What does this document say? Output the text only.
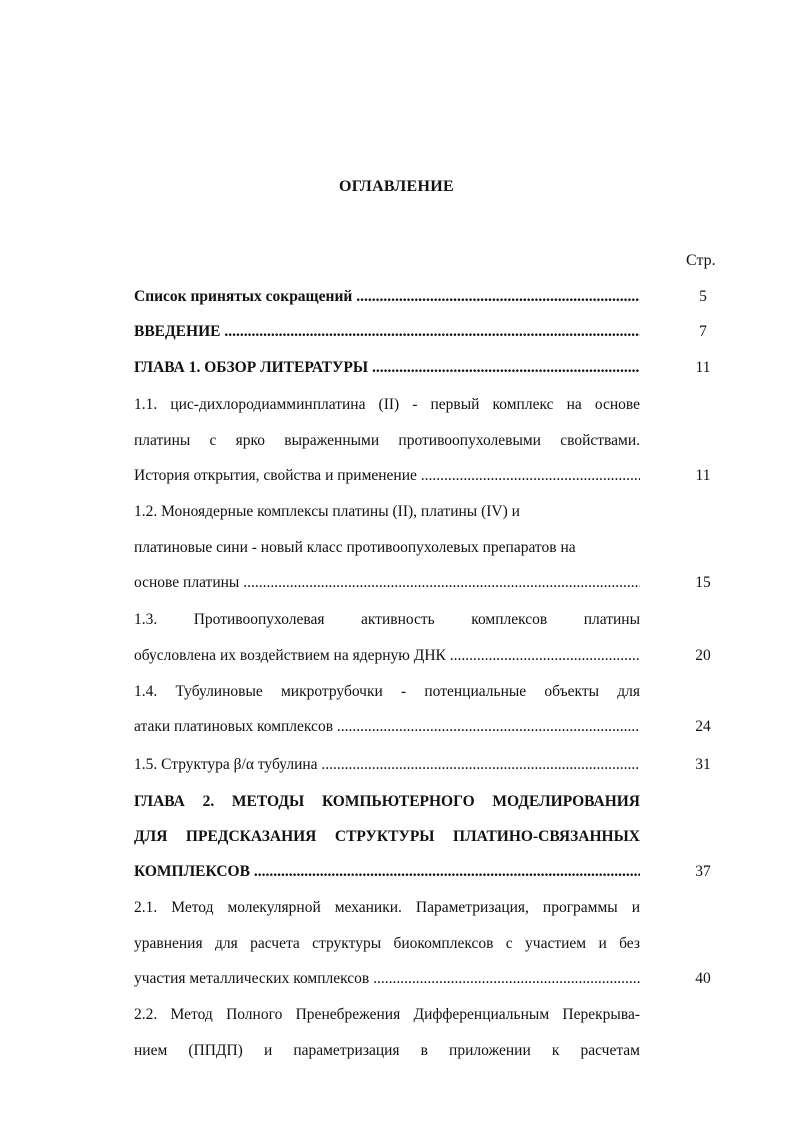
ОГЛАВЛЕНИЕ
Стр.
Список принятых сокращений .....
ВВЕДЕНИЕ .....
ГЛАВА 1. ОБЗОР ЛИТЕРАТУРЫ .....
1.1. цис-дихлородиамминплатина (II) - первый комплекс на основе
платины с ярко выраженными противоопухолевыми свойствами.
История открытия, свойства и применение .....
1.2. Моноядерные комплексы платины (II), платины (IV) и
платиновые сини - новый класс противоопухолевых препаратов на
основе платины .....
1.3. Противоопухолевая активность комплексов платины
обусловлена их воздействием на ядерную ДНК .....
1.4. Тубулиновые микротрубочки - потенциальные объекты для
атаки платиновых комплексов .....
1.5. Структура β/α тубулина .....
ГЛАВА 2. МЕТОДЫ КОМПЬЮТЕРНОГО МОДЕЛИРОВАНИЯ
ДЛЯ ПРЕДСКАЗАНИЯ СТРУКТУРЫ ПЛАТИНО-СВЯЗАННЫХ
КОМПЛЕКСОВ .....
2.1. Метод молекулярной механики. Параметризация, программы и
уравнения для расчета структуры биокомплексов с участием и без
участия металлических комплексов .....
2.2. Метод Полного Пренебрежения Дифференциальным Перекрыва-
нием (ППДП) и параметризация в приложении к расчетам
5
7
11
11
15
20
24
31
37
40
